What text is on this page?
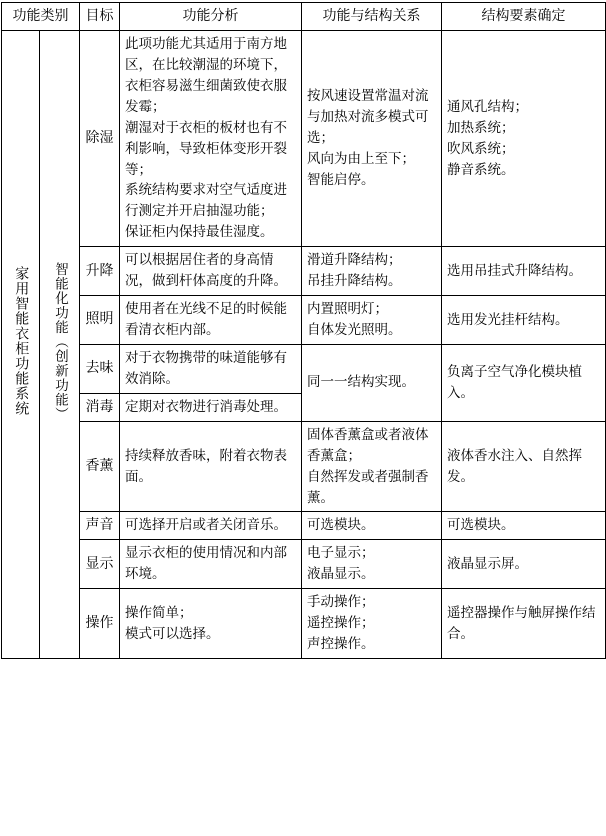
功能类别		目标	功能分析	功能与结构关系	结构要素确定
家用智能衣柜功能系统	智能化功能（创新功能）	除湿	此项功能尤其适用于南方地区，在比较潮湿的环境下，衣柜容易滋生细菌致使衣服发霉；
潮湿对于衣柜的板材也有不利影响，导致柜体变形开裂等；
系统结构要求对空气适度进行测定并开启抽湿功能；
保证柜内保持最佳湿度。	按风速设置常温对流与加热对流多模式可选；
风向为由上至下；
智能启停。	通风孔结构；
加热系统；
吹风系统；
静音系统。

		升降	可以根据居住者的身高情况，做到杆体高度的升降。	滑道升降结构；
吊挂升降结构。	选用吊挂式升降结构。
		照明	使用者在光线不足的时候能看清衣柜内部。	内置照明灯；
自体发光照明。	选用发光挂杆结构。
		去味	对于衣物携带的味道能够有效消除。	同一一结构实现。	负离子空气净化模块植入。
		消毒	定期对衣物进行消毒处理。		
		香薰	持续释放香味，附着衣物表面。	固体香薰盒或者液体香薰盒；
自然挥发或者强制香薰。	液体香水注入、自然挥发。
		声音	可选择开启或者关闭音乐。	可选模块。	可选模块。
		显示	显示衣柜的使用情况和内部环境。	电子显示；
液晶显示。	液晶显示屏。
		操作	操作简单；
模式可以选择。	手动操作；
遥控操作；
声控操作。	遥控器操作与触屏操作结合。
